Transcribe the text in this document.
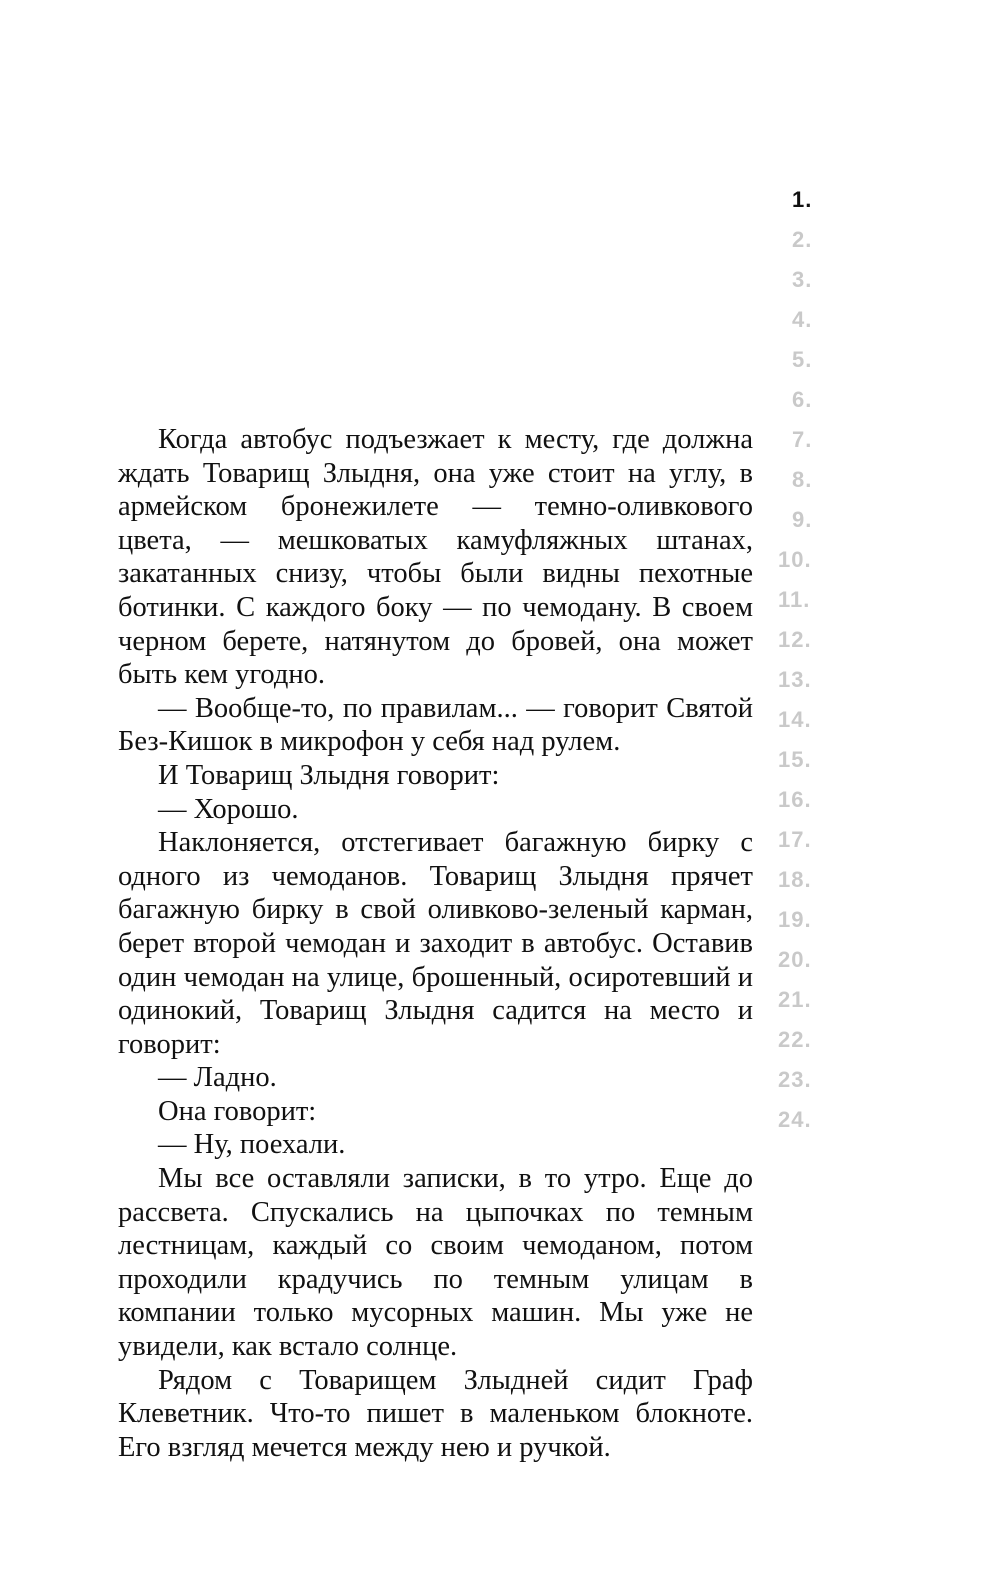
1.
2.
3.
4.
5.
6.
7.
8.
9.
10.
11.
12.
13.
14.
15.
16.
17.
18.
19.
20.
21.
22.
23.
24.

Когда автобус подъезжает к месту, где должна ждать Товарищ Злыдня, она уже стоит на углу, в армейском бронежилете — темно-оливкового цвета, — мешковатых камуфляжных штанах, закатанных снизу, чтобы были видны пехотные ботинки. С каждого боку — по чемодану. В своем черном берете, натянутом до бровей, она может быть кем угодно.

— Вообще-то, по правилам... — говорит Святой Без-Кишок в микрофон у себя над рулем.

И Товарищ Злыдня говорит:

— Хорошо.

Наклоняется, отстегивает багажную бирку с одного из чемоданов. Товарищ Злыдня прячет багажную бирку в свой оливково-зеленый карман, берет второй чемодан и заходит в автобус. Оставив один чемодан на улице, брошенный, осиротевший и одинокий, Товарищ Злыдня садится на место и говорит:

— Ладно.

Она говорит:

— Ну, поехали.

Мы все оставляли записки, в то утро. Еще до рассвета. Спускались на цыпочках по темным лестницам, каждый со своим чемоданом, потом проходили крадучись по темным улицам в компании только мусорных машин. Мы уже не увидели, как встало солнце.

Рядом с Товарищем Злыдней сидит Граф Клеветник. Что-то пишет в маленьком блокноте. Его взгляд мечется между нею и ручкой.
